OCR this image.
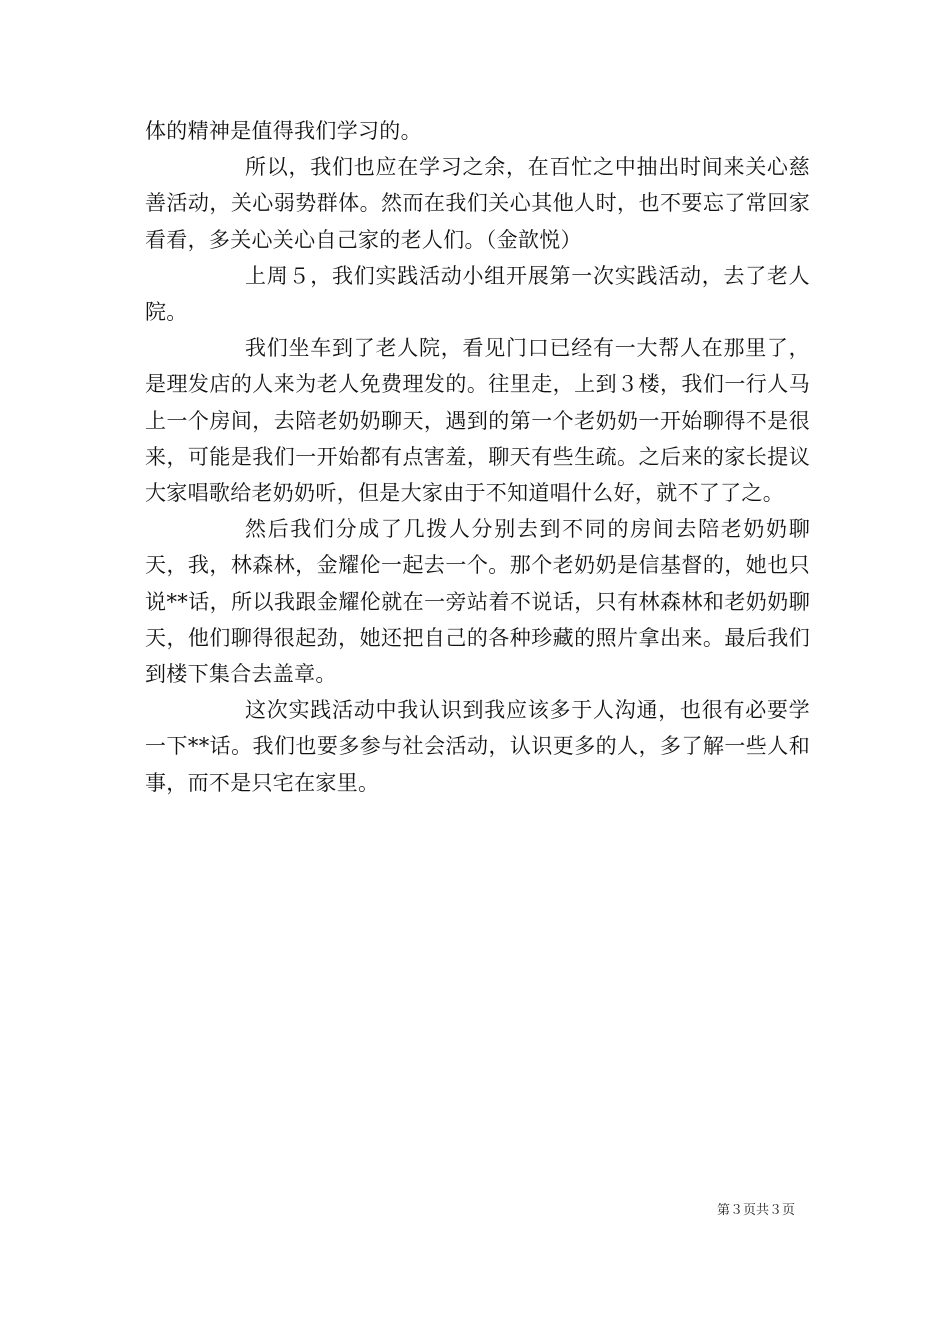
体的精神是值得我们学习的。

所以，我们也应在学习之余，在百忙之中抽出时间来关心慈善活动，关心弱势群体。然而在我们关心其他人时，也不要忘了常回家看看，多关心关心自己家的老人们。（金歆悦）

上周５，我们实践活动小组开展第一次实践活动，去了老人院。

我们坐车到了老人院，看见门口已经有一大帮人在那里了，是理发店的人来为老人免费理发的。往里走，上到３楼，我们一行人马上一个房间，去陪老奶奶聊天，遇到的第一个老奶奶一开始聊得不是很来，可能是我们一开始都有点害羞，聊天有些生疏。之后来的家长提议大家唱歌给老奶奶听，但是大家由于不知道唱什么好，就不了了之。

然后我们分成了几拨人分别去到不同的房间去陪老奶奶聊天，我，林森林，金耀伦一起去一个。那个老奶奶是信基督的，她也只说**话，所以我跟金耀伦就在一旁站着不说话，只有林森林和老奶奶聊天，他们聊得很起劲，她还把自己的各种珍藏的照片拿出来。最后我们到楼下集合去盖章。

这次实践活动中我认识到我应该多于人沟通，也很有必要学一下**话。我们也要多参与社会活动，认识更多的人，多了解一些人和事，而不是只宅在家里。

第３页共３页
